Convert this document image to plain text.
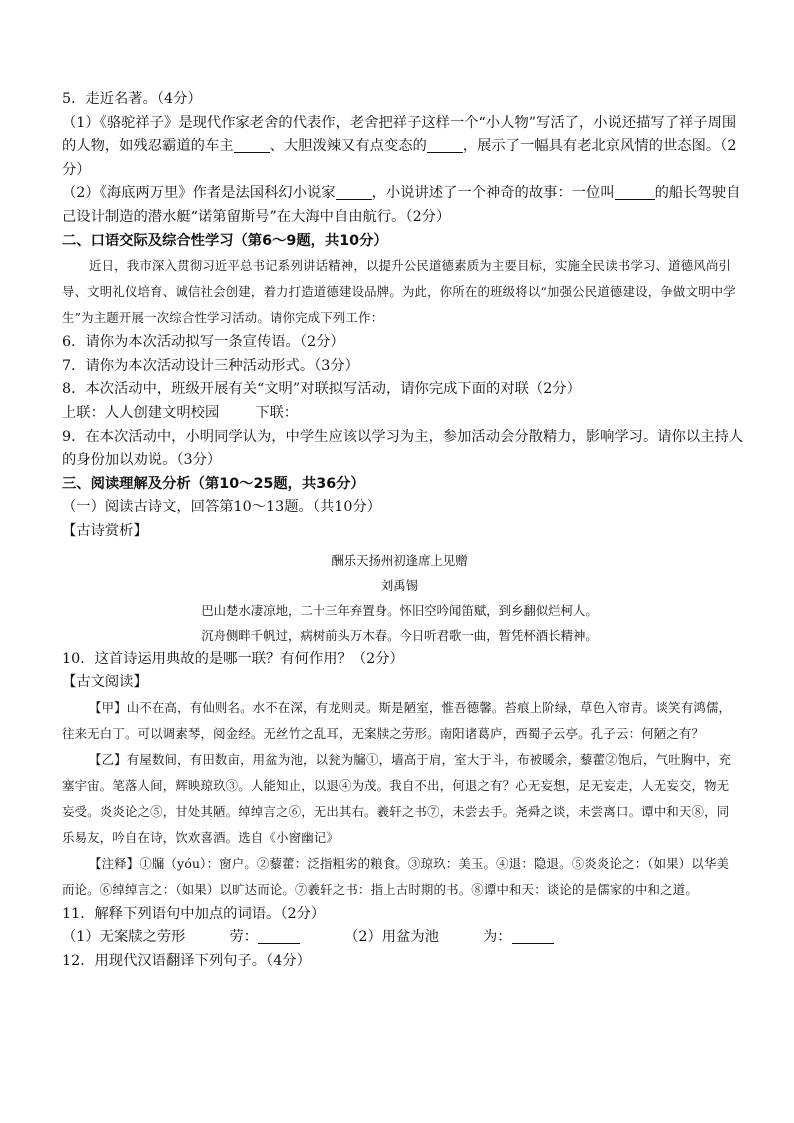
5．走近名著。（4分）
（1）《骆驼祥子》是现代作家老舍的代表作，老舍把祥子这样一个“小人物”写活了，小说还描写了祥子周围
的人物，如残忍霸道的车主	、大胆泼辣又有点变态的	，展示了一幅具有老北京风情的世态图。（2
分）
（2）《海底两万里》作者是法国科幻小说家	，小说讲述了一个神奇的故事：一位叫	的船长驾驶自
己设计制造的潜水艇“诺第留斯号”在大海中自由航行。（2分）
二、口语交际及综合性学习（第6～9题，共10分）
近日，我市深入贯彻习近平总书记系列讲话精神，以提升公民道德素质为主要目标，实施全民读书学习、道德风尚引导、文明礼仪培育、诚信社会创建，着力打造道德建设品牌。为此，你所在的班级将以“加强公民道德建设，争做文明中学生”为主题开展一次综合性学习活动。请你完成下列工作：
6．请你为本次活动拟写一条宣传语。（2分）
7．请你为本次活动设计三种活动形式。（3分）
8．本次活动中，班级开展有关“文明”对联拟写活动，请你完成下面的对联（2分）
上联：人人创建文明校园	下联：
9．在本次活动中，小明同学认为，中学生应该以学习为主，参加活动会分散精力，影响学习。请你以主持人
的身份加以劝说。（3分）
三、阅读理解及分析（第10～25题，共36分）
（一）阅读古诗文，回答第10～13题。（共10分）
【古诗赏析】
酬乐天扬州初逢席上见赠
刘禹锡
巴山楚水凄凉地，二十三年弃置身。怀旧空吟闻笛赋，到乡翻似烂柯人。
沉舟侧畔千帆过，病树前头万木春。今日听君歌一曲，暂凭杯酒长精神。
10．这首诗运用典故的是哪一联？有何作用？（2分）
【古文阅读】
【甲】山不在高，有仙则名。水不在深，有龙则灵。斯是陋室，惟吾德馨。苔痕上阶绿，草色入帘青。谈笑有鸿儒，往来无白丁。可以调素琴，阅金经。无丝竹之乱耳，无案牍之劳形。南阳诸葛庐，西蜀子云亭。孔子云：何陋之有？
【乙】有屋数间，有田数亩，用盆为池，以瓮为牖①，墙高于肩，室大于斗，布被暖余，藜藿②饱后，气吐胸中，充塞宇宙。笔落人间，辉映琼玖③。人能知止，以退④为茂。我自不出，何退之有？心无妄想，足无妄走，人无妄交，物无妄受。炎炎论之⑤，甘处其陋。绰绰言之⑥，无出其右。羲轩之书⑦，未尝去手。尧舜之谈，未尝离口。谭中和天⑧，同乐易友，吟自在诗，饮欢喜酒。选自《小窗幽记》
【注释】①牖（yóu）：窗户。②藜藿：泛指粗劣的粮食。③琼玖：美玉。④退：隐退。⑤炎炎论之：（如果）以华美而论。⑥绰绰言之：（如果）以旷达而论。⑦羲轩之书：指上古时期的书。⑧谭中和天：谈论的是儒家的中和之道。
11．解释下列语句中加点的词语。（2分）
（1）无案牍之劳形	劳：	（2）用盆为池	为：
12．用现代汉语翻译下列句子。（4分）
